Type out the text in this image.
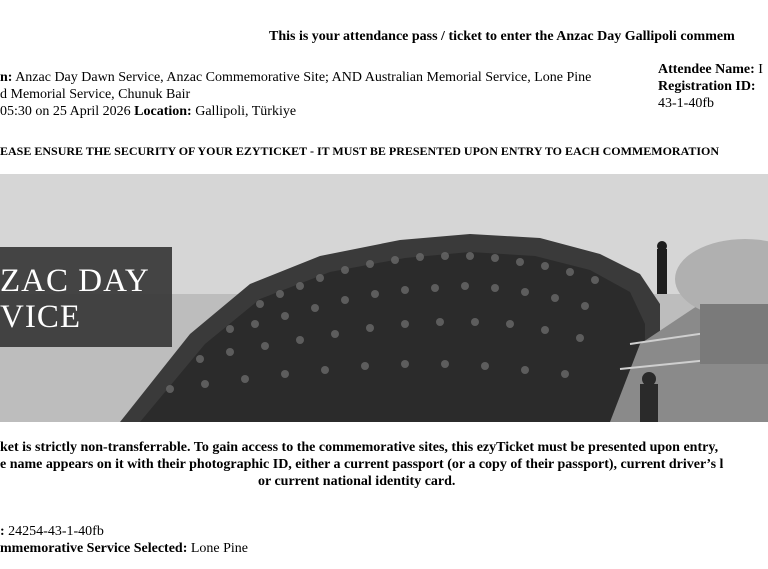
This is your attendance pass / ticket to enter the Anzac Day Gallipoli commem
n: Anzac Day Dawn Service, Anzac Commemorative Site; AND Australian Memorial Service, Lone Pine
d Memorial Service, Chunuk Bair
05:30 on 25 April 2026 Location: Gallipoli, Türkiye
Attendee Name: I
Registration ID:
43-1-40fb
EASE ENSURE THE SECURITY OF YOUR EZYTICKET - IT MUST BE PRESENTED UPON ENTRY TO EACH COMMEMORATION
ZAC DAY
VICE
ket is strictly non-transferrable. To gain access to the commemorative sites, this ezyTicket must be presented upon entry,
e name appears on it with their photographic ID, either a current passport (or a copy of their passport), current driver’s l
or current national identity card.
: 24254-43-1-40fb
mmemorative Service Selected: Lone Pine
